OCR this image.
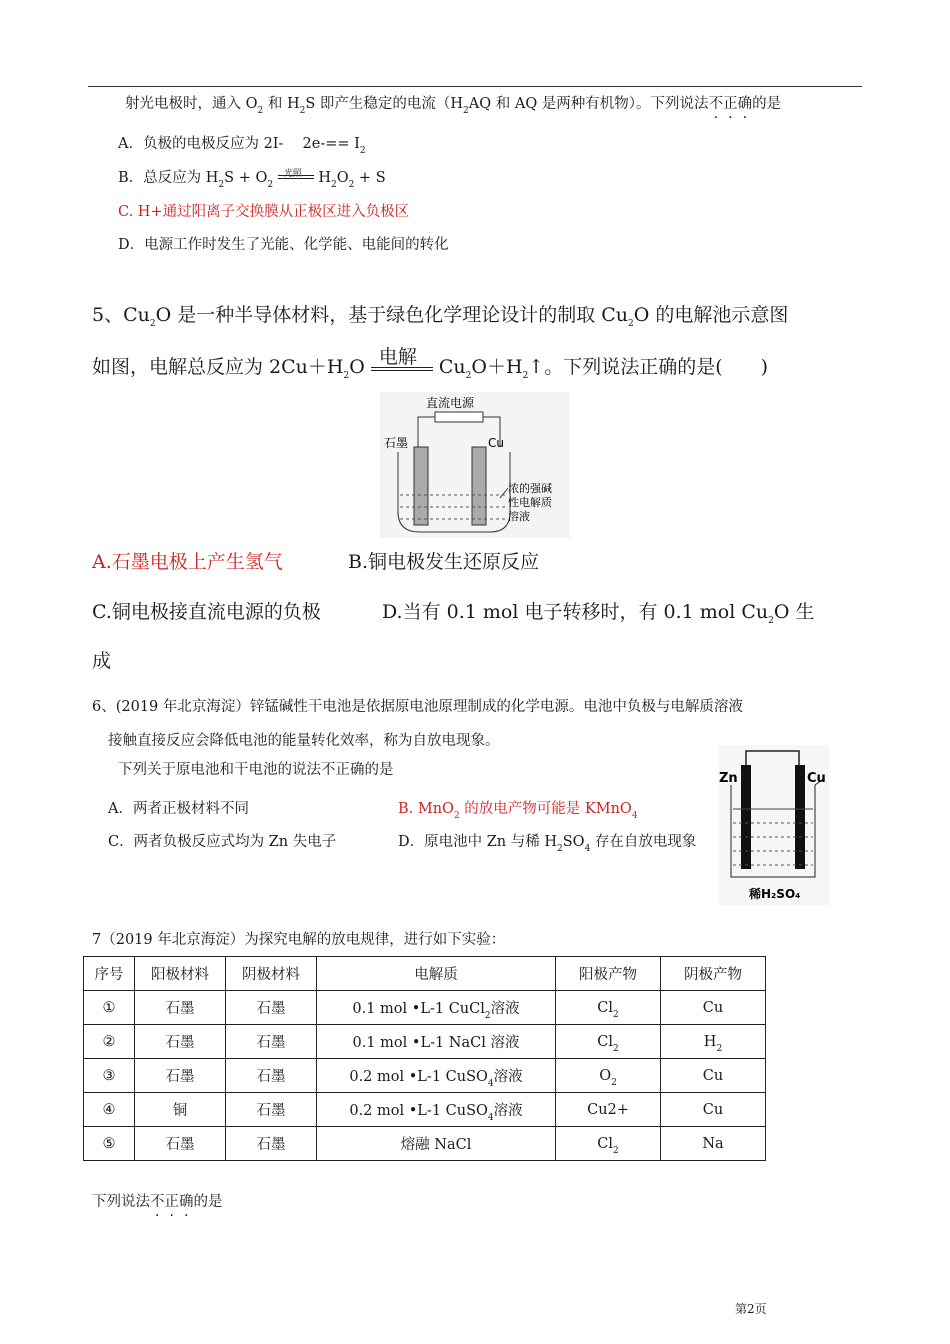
射光电极时，通入 $O_2$ 和 $H_2S$ 即产生稳定的电流（$H_2AQ$ 和 AQ 是两种有机物）。下列说法不正确的是
A．负极的电极反应为 2I-　 $2e-== I_2$
B．总反应为 $H_2S + O_2$
光照 $H_2O_2 + S$
C. H+通过阳离子交换膜从正极区进入负极区
D．电源工作时发生了光能、化学能、电能间的转化
5、$Cu_2O$ 是一种半导体材料，基于绿色化学理论设计的制取 $Cu_2O$ 的电解池示意图
如图，电解总反应为 $2Cu+H_2O$ 电解 $Cu_2O+H_2↑$。下列说法正确的是(　　)
直流电源
石墨	Cu
浓的强碱
性电解质
溶液
A.石墨电极上产生氢气	B.铜电极发生还原反应
C.铜电极接直流电源的负极	D.当有 0.1 mol 电子转移时，有 0.1 mol $Cu_2O$ 生
成
6、(2019 年北京海淀）锌锰碱性干电池是依据原电池原理制成的化学电源。电池中负极与电解质溶液
接触直接反应会降低电池的能量转化效率，称为自放电现象。
下列关于原电池和干电池的说法不正确的是
A．两者正极材料不同	B. MnO$_2$ 的放电产物可能是 KMnO$_4$
C．两者负极反应式均为 Zn 失电子	D．原电池中 Zn 与稀 $H_2SO_4$ 存在自放电现象
Zn	Cu
稀H₂SO₄
7（2019 年北京海淀）为探究电解的放电规律，进行如下实验：
序号	阳极材料	阴极材料	电解质	阳极产物	阴极产物
①	石墨	石墨	0.1 mol •L-1 CuCl$_2$溶液	$Cl_2$	Cu
②	石墨	石墨	0.1 mol •L-1 NaCl 溶液	$Cl_2$	$H_2$
③	石墨	石墨	0.2 mol •L-1 CuSO$_4$溶液	$O_2$	Cu
④	铜	石墨	0.2 mol •L-1 CuSO$_4$溶液	Cu2+	Cu
⑤	石墨	石墨	熔融 NaCl	$Cl_2$	Na
下列说法不正确的是
第2页
